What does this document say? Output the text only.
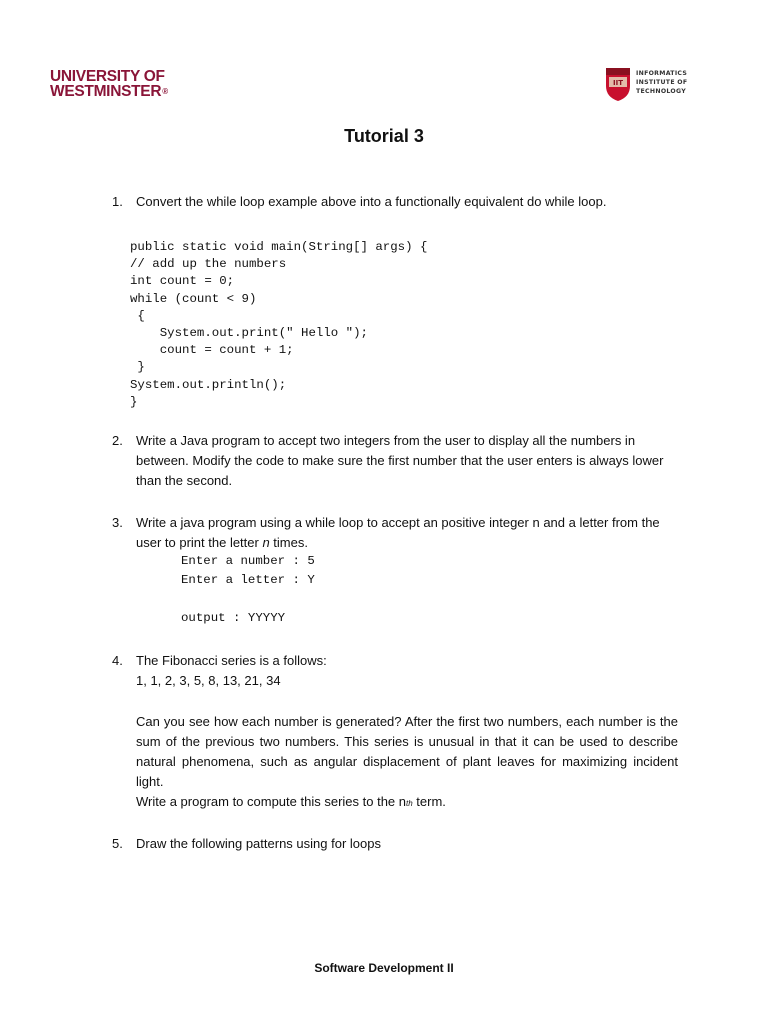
UNIVERSITY OF
WESTMINSTER®
IIT
INFORMATICS
INSTITUTE OF
TECHNOLOGY
Tutorial 3
1. Convert the while loop example above into a functionally equivalent do while loop.
public static void main(String[] args) {
// add up the numbers
int count = 0;
while (count < 9)
{
System.out.print(" Hello ");
count = count + 1;
}
System.out.println();
}
2. Write a Java program to accept two integers from the user to display all the numbers in between. Modify the code to make sure the first number that the user enters is always lower than the second.
3. Write a java program using a while loop to accept an positive integer n and a letter from the user to print the letter n times.
Enter a number : 5
Enter a letter : Y

output : YYYYY
4. The Fibonacci series is a follows:
1, 1, 2, 3, 5, 8, 13, 21, 34
Can you see how each number is generated? After the first two numbers, each number is the sum of the previous two numbers. This series is unusual in that it can be used to describe natural phenomena, such as angular displacement of plant leaves for maximizing incident light.
Write a program to compute this series to the nth term.
5. Draw the following patterns using for loops
Software Development II
